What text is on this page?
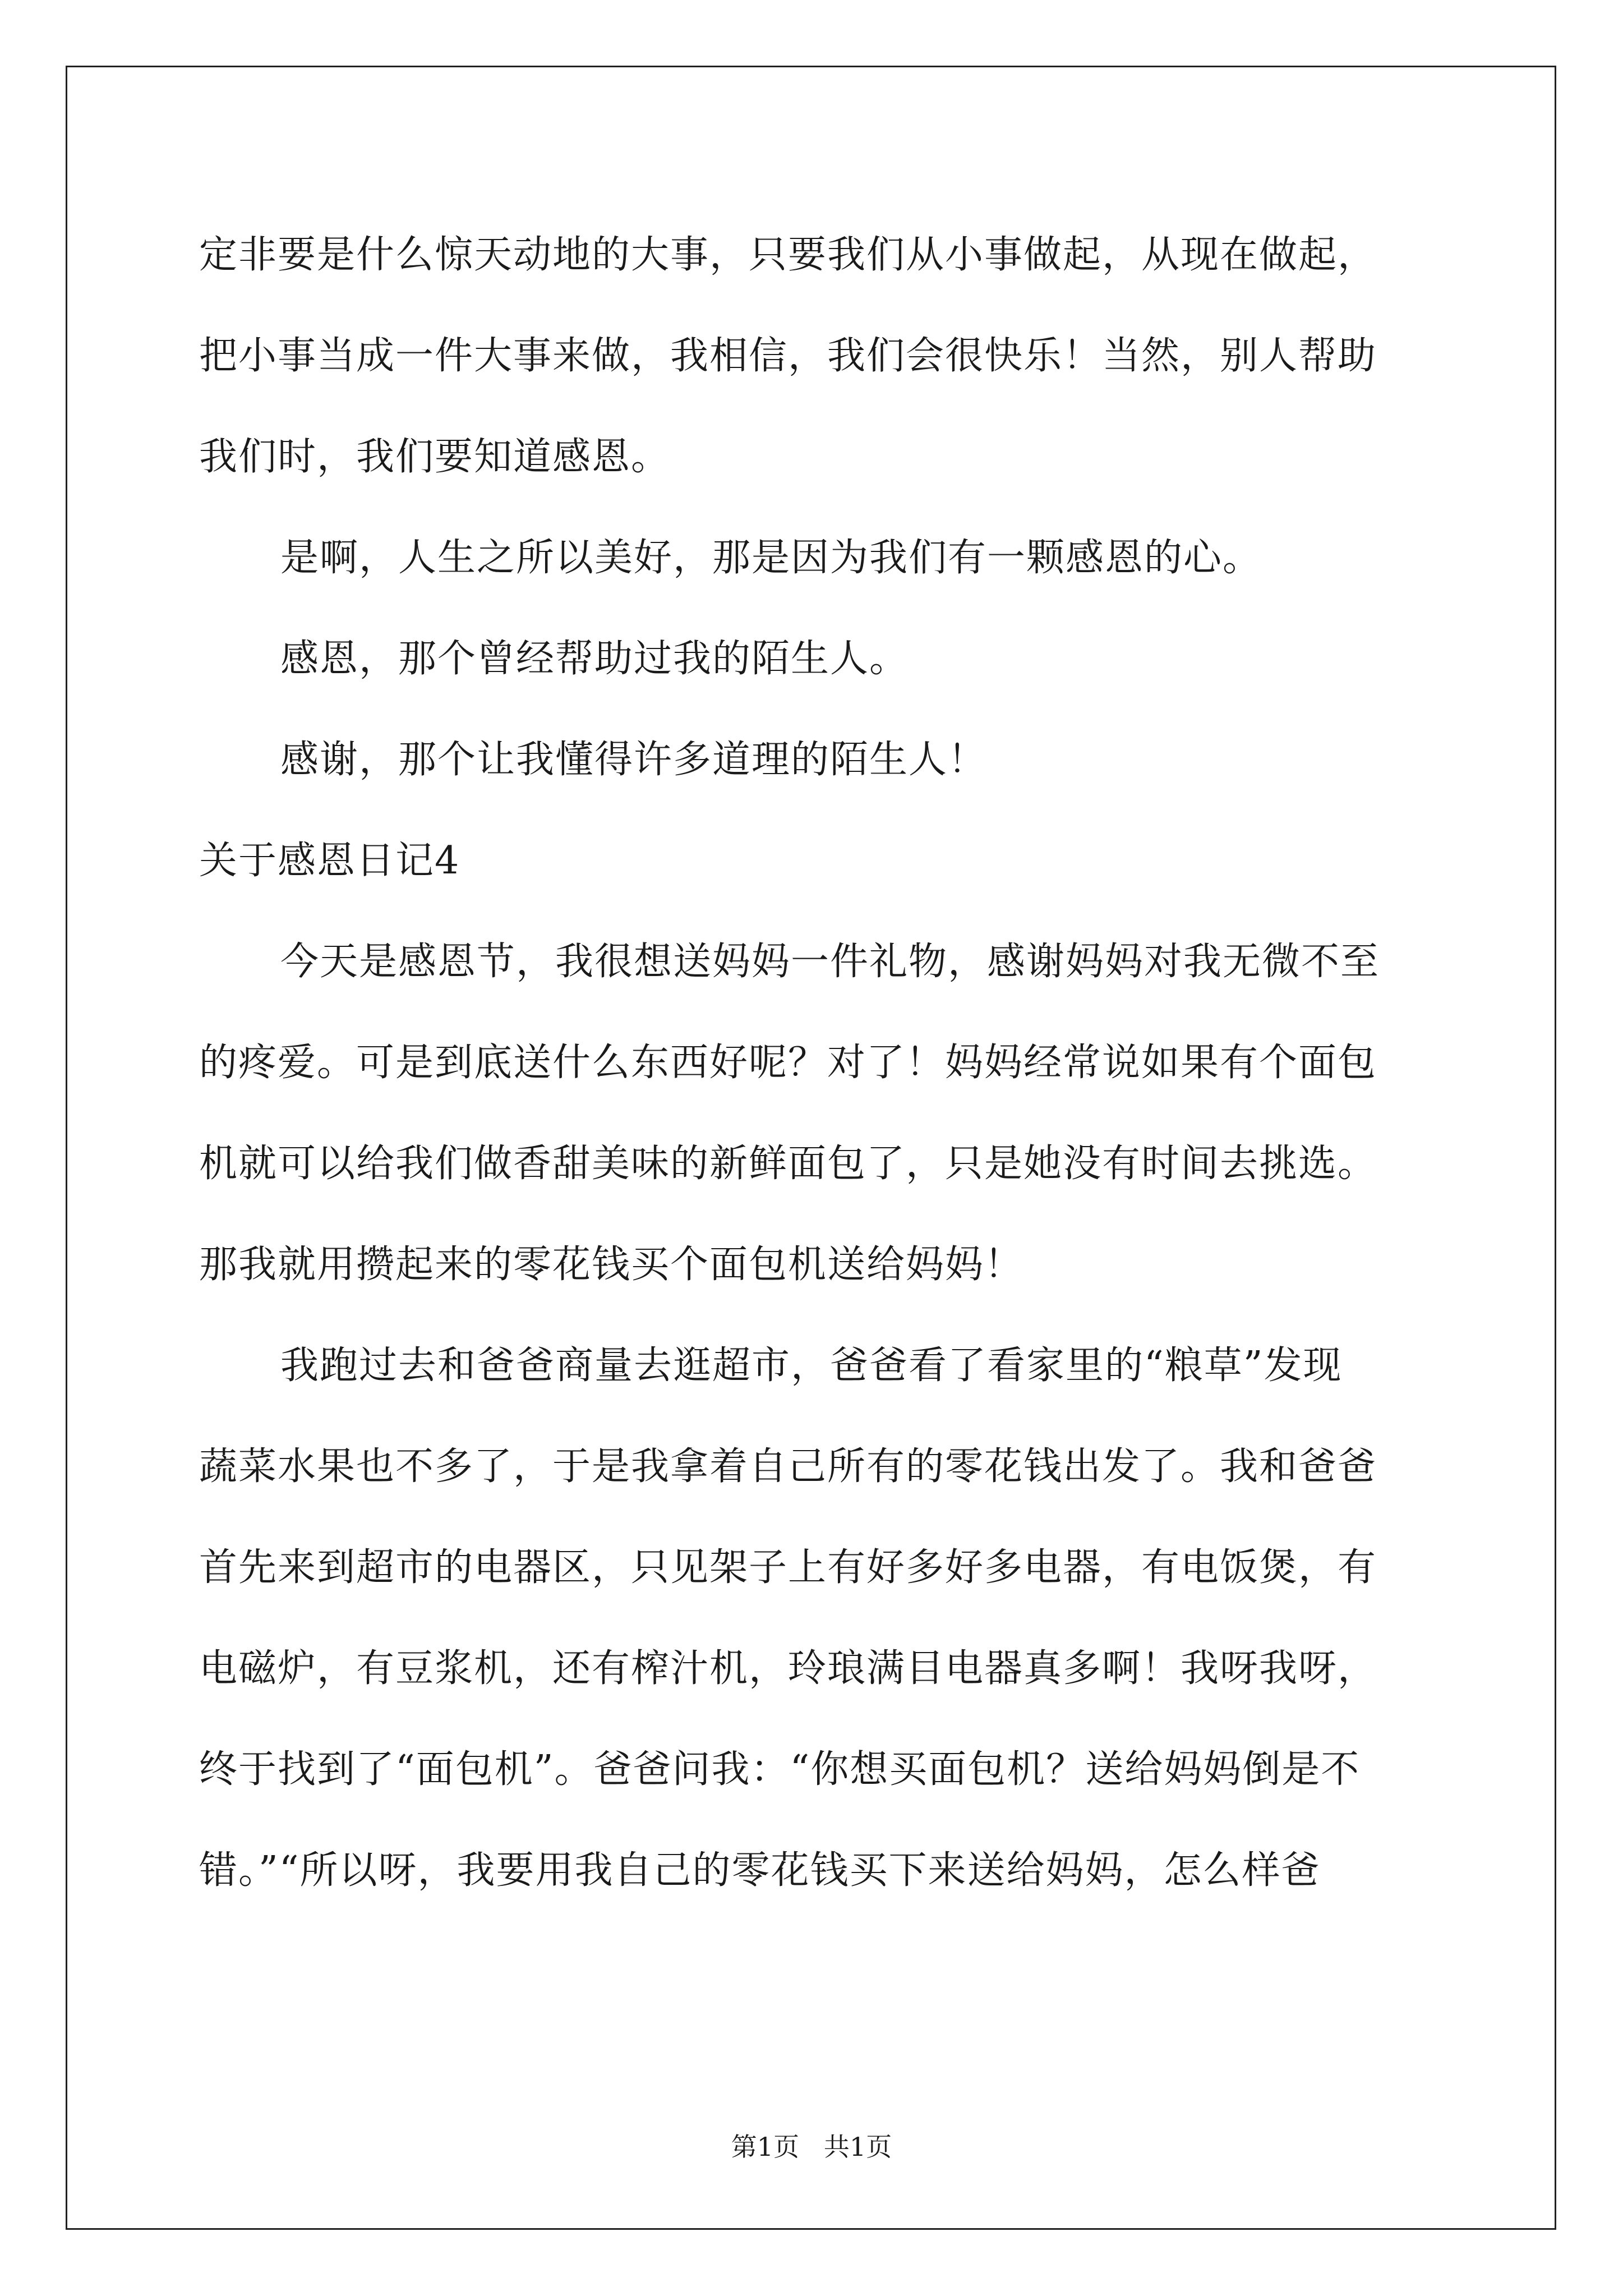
定非要是什么惊天动地的大事，只要我们从小事做起，从现在做起，
把小事当成一件大事来做，我相信，我们会很快乐！当然，别人帮助
我们时，我们要知道感恩。
是啊，人生之所以美好，那是因为我们有一颗感恩的心。
感恩，那个曾经帮助过我的陌生人。
感谢，那个让我懂得许多道理的陌生人！
关于感恩日记4
今天是感恩节，我很想送妈妈一件礼物，感谢妈妈对我无微不至
的疼爱。可是到底送什么东西好呢？对了！妈妈经常说如果有个面包
机就可以给我们做香甜美味的新鲜面包了，只是她没有时间去挑选。
那我就用攒起来的零花钱买个面包机送给妈妈！
我跑过去和爸爸商量去逛超市，爸爸看了看家里的“粮草”发现
蔬菜水果也不多了，于是我拿着自己所有的零花钱出发了。我和爸爸
首先来到超市的电器区，只见架子上有好多好多电器，有电饭煲，有
电磁炉，有豆浆机，还有榨汁机，玲琅满目电器真多啊！我呀我呀，
终于找到了“面包机”。爸爸问我：“你想买面包机？送给妈妈倒是不
错。”“所以呀，我要用我自己的零花钱买下来送给妈妈，怎么样爸
第1页   共1页
